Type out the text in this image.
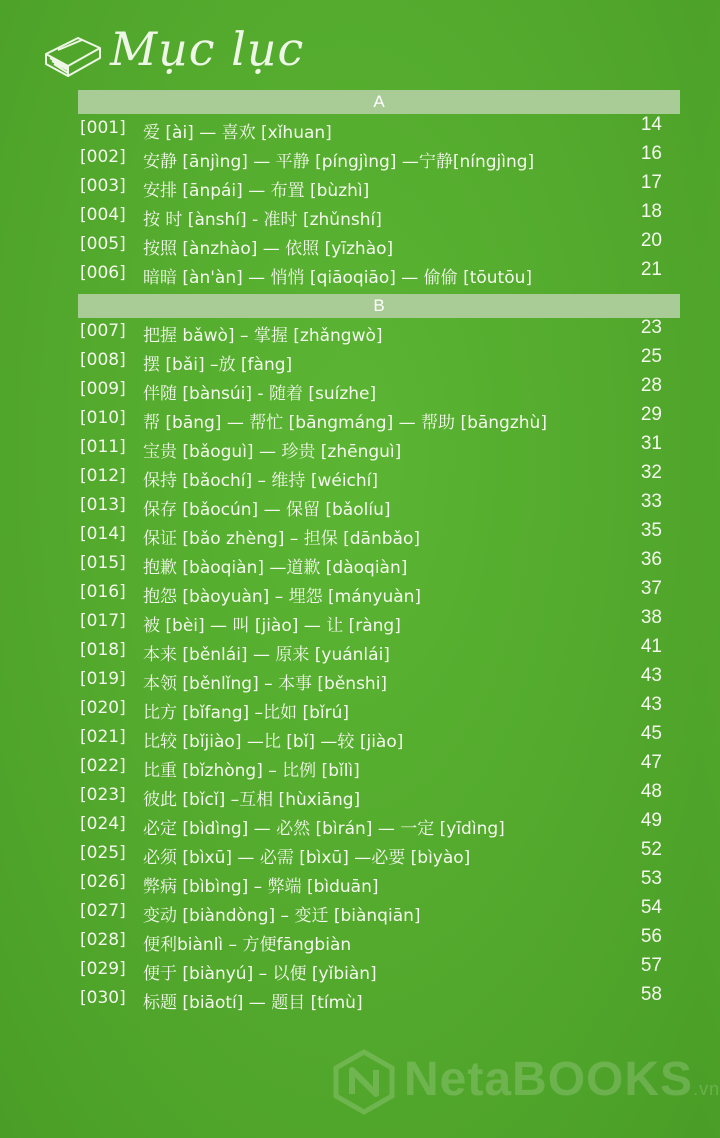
Mục lục
A
[001] 爱 [ài] — 喜欢 [xǐhuan]	14
[002] 安静 [ānjìng] — 平静 [píngjìng] —宁静[níngjìng]	16
[003] 安排 [ānpái] — 布置 [bùzhì]	17
[004] 按 时 [ànshí] - 准时 [zhǔnshí]	18
[005] 按照 [ànzhào] — 依照 [yīzhào]	20
[006] 暗暗 [àn'àn] — 悄悄 [qiāoqiāo] — 偷偷 [tōutōu]	21
B
[007] 把握 bǎwò] – 掌握 [zhǎngwò]	23
[008] 摆 [bǎi] –放 [fàng]	25
[009] 伴随 [bànsúi] - 随着 [suízhe]	28
[010] 帮 [bāng] — 帮忙 [bāngmáng] — 帮助 [bāngzhù]	29
[011] 宝贵 [bǎoguì] — 珍贵 [zhēnguì]	31
[012] 保持 [bǎochí] – 维持 [wéichí]	32
[013] 保存 [bǎocún] — 保留 [bǎolíu]	33
[014] 保证 [bǎo zhèng] – 担保 [dānbǎo]	35
[015] 抱歉 [bàoqiàn] —道歉 [dàoqiàn]	36
[016] 抱怨 [bàoyuàn] – 埋怨 [mányuàn]	37
[017] 被 [bèi] — 叫 [jiào] — 让 [ràng]	38
[018] 本来 [běnlái] — 原来 [yuánlái]	41
[019] 本领 [běnlǐng] – 本事 [běnshi]	43
[020] 比方 [bǐfang] –比如 [bǐrú]	43
[021] 比较 [bǐjiào] —比 [bǐ] —较 [jiào]	45
[022] 比重 [bǐzhòng] – 比例 [bǐlì]	47
[023] 彼此 [bǐcǐ] –互相 [hùxiāng]	48
[024] 必定 [bìdìng] — 必然 [bìrán] — 一定 [yīdìng]	49
[025] 必须 [bìxū] — 必需 [bìxū] —必要 [bìyào]	52
[026] 弊病 [bìbìng] – 弊端 [bìduān]	53
[027] 变动 [biàndòng] – 变迁 [biànqiān]	54
[028] 便利biànlì – 方便fāngbiàn	56
[029] 便于 [biànyú] – 以便 [yǐbiàn]	57
[030] 标题 [biāotí] — 题目 [tímù]	58
NetaBOOKS.vn
